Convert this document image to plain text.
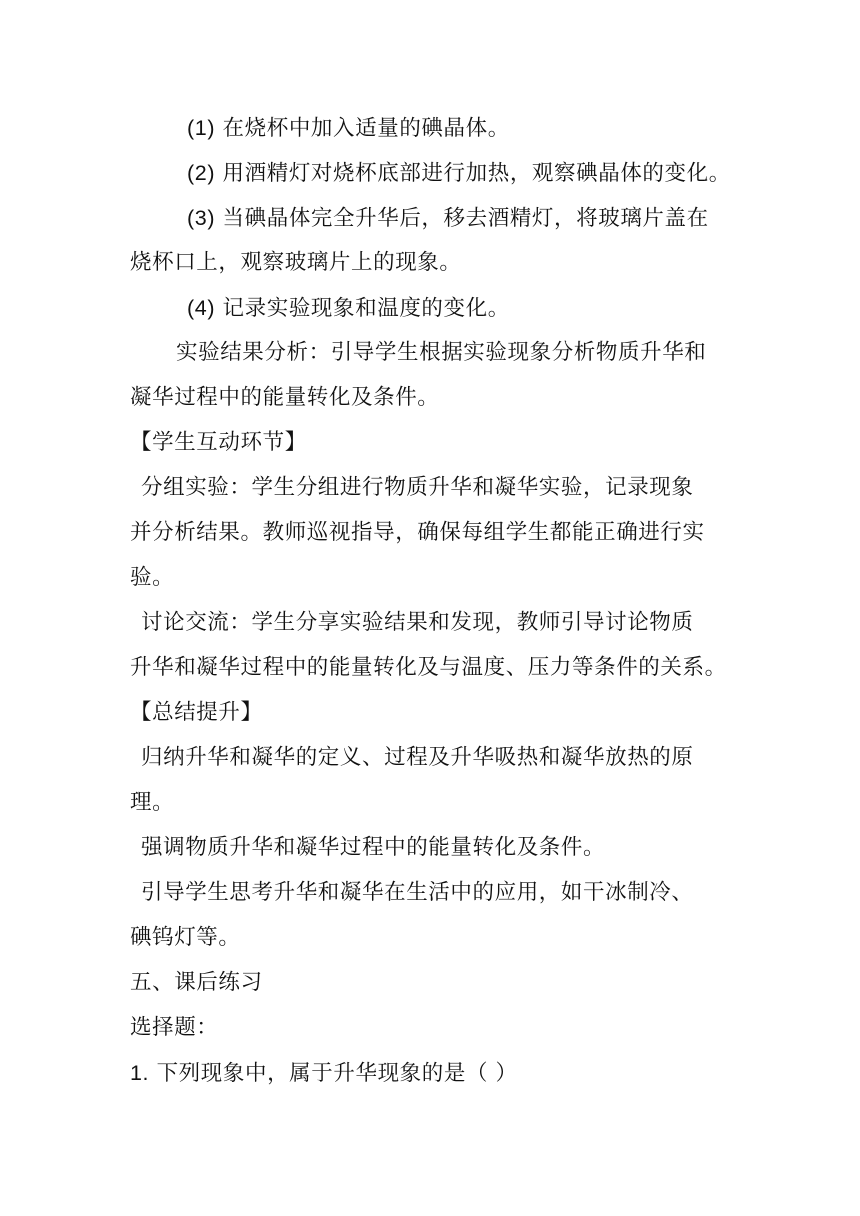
(1) 在烧杯中加入适量的碘晶体。
(2) 用酒精灯对烧杯底部进行加热，观察碘晶体的变化。
(3) 当碘晶体完全升华后，移去酒精灯，将玻璃片盖在
烧杯口上，观察玻璃片上的现象。
(4) 记录实验现象和温度的变化。
实验结果分析：引导学生根据实验现象分析物质升华和
凝华过程中的能量转化及条件。
【学生互动环节】
分组实验：学生分组进行物质升华和凝华实验，记录现象
并分析结果。教师巡视指导，确保每组学生都能正确进行实
验。
讨论交流：学生分享实验结果和发现，教师引导讨论物质
升华和凝华过程中的能量转化及与温度、压力等条件的关系。
【总结提升】
归纳升华和凝华的定义、过程及升华吸热和凝华放热的原
理。
强调物质升华和凝华过程中的能量转化及条件。
引导学生思考升华和凝华在生活中的应用，如干冰制冷、
碘钨灯等。
五、课后练习
选择题：
1. 下列现象中，属于升华现象的是（ ）
